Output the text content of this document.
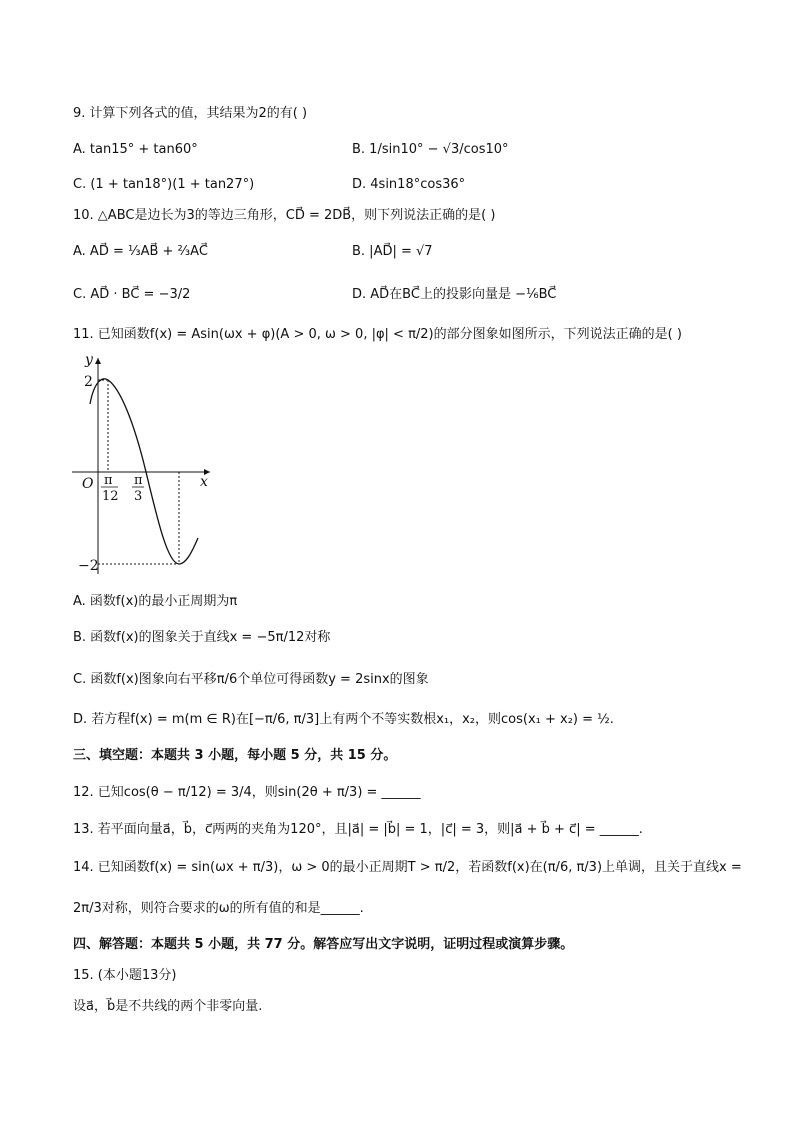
9. 计算下列各式的值，其结果为2的有( )
A. tan15° + tan60°	B. 1/sin10° − √3/cos10°
C. (1 + tan18°)(1 + tan27°)	D. 4sin18°cos36°
10. △ABC是边长为3的等边三角形，CD⃗ = 2DB⃗，则下列说法正确的是( )
A. AD⃗ = ⅓AB⃗ + ⅔AC⃗	B. |AD⃗| = √7
C. AD⃗ · BC⃗ = −3/2	D. AD⃗在BC⃗上的投影向量是 −⅙BC⃗
11. 已知函数f(x) = Asin(ωx + φ)(A > 0, ω > 0, |φ| < π/2)的部分图象如图所示，下列说法正确的是( )
y
x
O
2
−2
π
12
π
3
A. 函数f(x)的最小正周期为π
B. 函数f(x)的图象关于直线x = −5π/12对称
C. 函数f(x)图象向右平移π/6个单位可得函数y = 2sinx的图象
D. 若方程f(x) = m(m ∈ R)在[−π/6, π/3]上有两个不等实数根x₁，x₂，则cos(x₁ + x₂) = ½.
三、填空题：本题共 3 小题，每小题 5 分，共 15 分。
12. 已知cos(θ − π/12) = 3/4，则sin(2θ + π/3) = ______
13. 若平面向量a⃗，b⃗，c⃗两两的夹角为120°，且|a⃗| = |b⃗| = 1，|c⃗| = 3，则|a⃗ + b⃗ + c⃗| = ______.
14. 已知函数f(x) = sin(ωx + π/3)，ω > 0的最小正周期T > π/2，若函数f(x)在(π/6, π/3)上单调，且关于直线x =
2π/3对称，则符合要求的ω的所有值的和是______.
四、解答题：本题共 5 小题，共 77 分。解答应写出文字说明，证明过程或演算步骤。
15. (本小题13分)
设a⃗，b⃗是不共线的两个非零向量.
